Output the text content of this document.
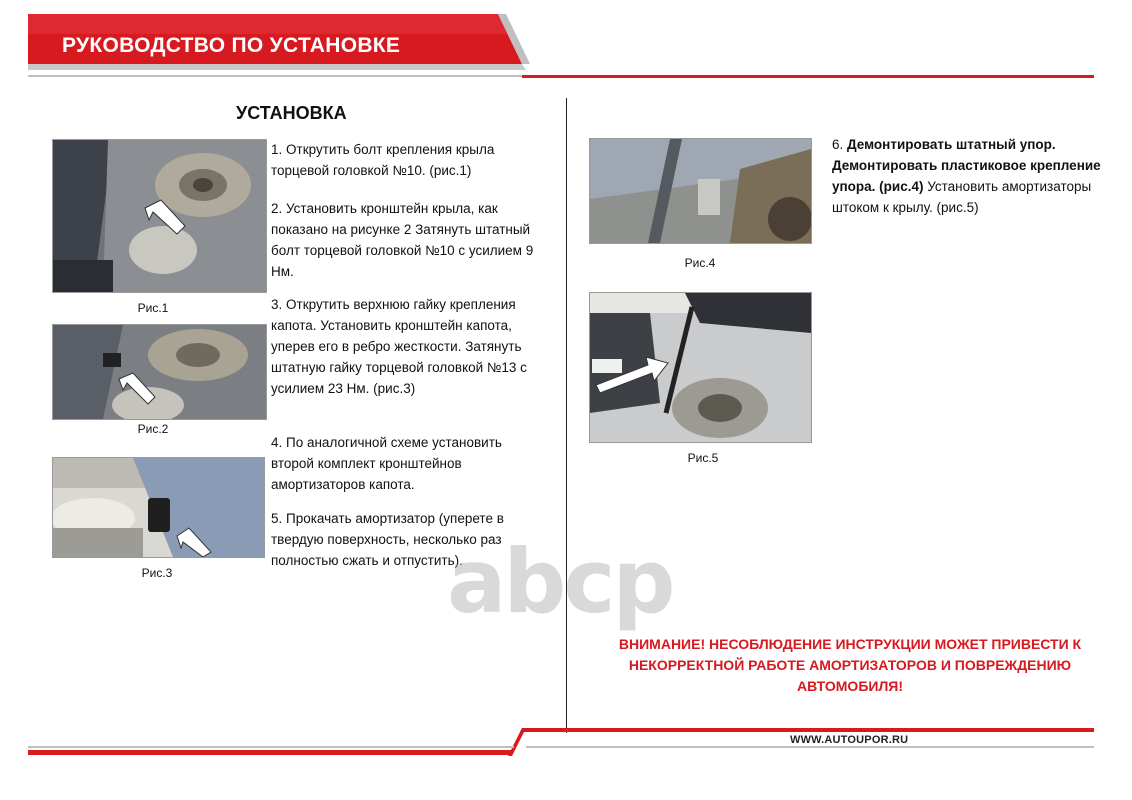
РУКОВОДСТВО ПО УСТАНОВКЕ
УСТАНОВКА
Рис.1
Рис.2
Рис.3
1. Открутить болт крепления крыла торцевой головкой №10. (рис.1)
2. Установить кронштейн крыла, как показано на рисунке 2 Затянуть штатный болт торцевой головкой №10 с усилием 9 Нм.
3. Открутить верхнюю гайку крепления капота. Установить кронштейн капота, уперев его в ребро жесткости. Затянуть штатную гайку торцевой головкой №13 с усилием 23 Нм. (рис.3)
4. По аналогичной схеме установить второй комплект кронштейнов амортизаторов капота.
5. Прокачать амортизатор (уперете в твердую поверхность, несколько раз полностью сжать и отпустить).
Рис.4
Рис.5
6. Демонтировать штатный упор. Демонтировать пластиковое крепление упора. (рис.4) Установить амортизаторы штоком к крылу. (рис.5)
abcp
ВНИМАНИЕ! НЕСОБЛЮДЕНИЕ ИНСТРУКЦИИ МОЖЕТ ПРИВЕСТИ К НЕКОРРЕКТНОЙ РАБОТЕ АМОРТИЗАТОРОВ И ПОВРЕЖДЕНИЮ АВТОМОБИЛЯ!
WWW.AUTOUPOR.RU
